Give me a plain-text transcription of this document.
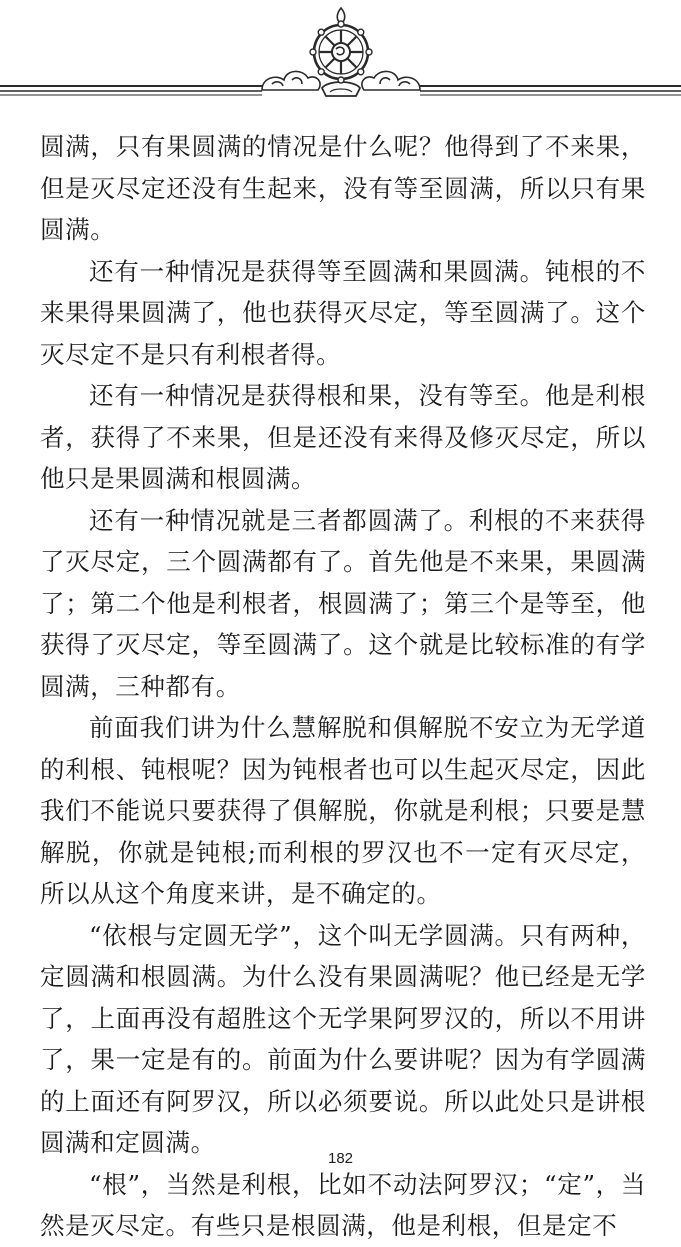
圆满，只有果圆满的情况是什么呢？他得到了不来果，但是灭尽定还没有生起来，没有等至圆满，所以只有果圆满。

还有一种情况是获得等至圆满和果圆满。钝根的不来果得果圆满了，他也获得灭尽定，等至圆满了。这个灭尽定不是只有利根者得。

还有一种情况是获得根和果，没有等至。他是利根者，获得了不来果，但是还没有来得及修灭尽定，所以他只是果圆满和根圆满。

还有一种情况就是三者都圆满了。利根的不来获得了灭尽定，三个圆满都有了。首先他是不来果，果圆满了；第二个他是利根者，根圆满了；第三个是等至，他获得了灭尽定，等至圆满了。这个就是比较标准的有学圆满，三种都有。

前面我们讲为什么慧解脱和俱解脱不安立为无学道的利根、钝根呢？因为钝根者也可以生起灭尽定，因此我们不能说只要获得了俱解脱，你就是利根；只要是慧解脱，你就是钝根;而利根的罗汉也不一定有灭尽定，所以从这个角度来讲，是不确定的。

“依根与定圆无学”，这个叫无学圆满。只有两种，定圆满和根圆满。为什么没有果圆满呢？他已经是无学了，上面再没有超胜这个无学果阿罗汉的，所以不用讲了，果一定是有的。前面为什么要讲呢？因为有学圆满的上面还有阿罗汉，所以必须要说。所以此处只是讲根圆满和定圆满。

“根”，当然是利根，比如不动法阿罗汉；“定”，当然是灭尽定。有些只是根圆满，他是利根，但是定不

182
